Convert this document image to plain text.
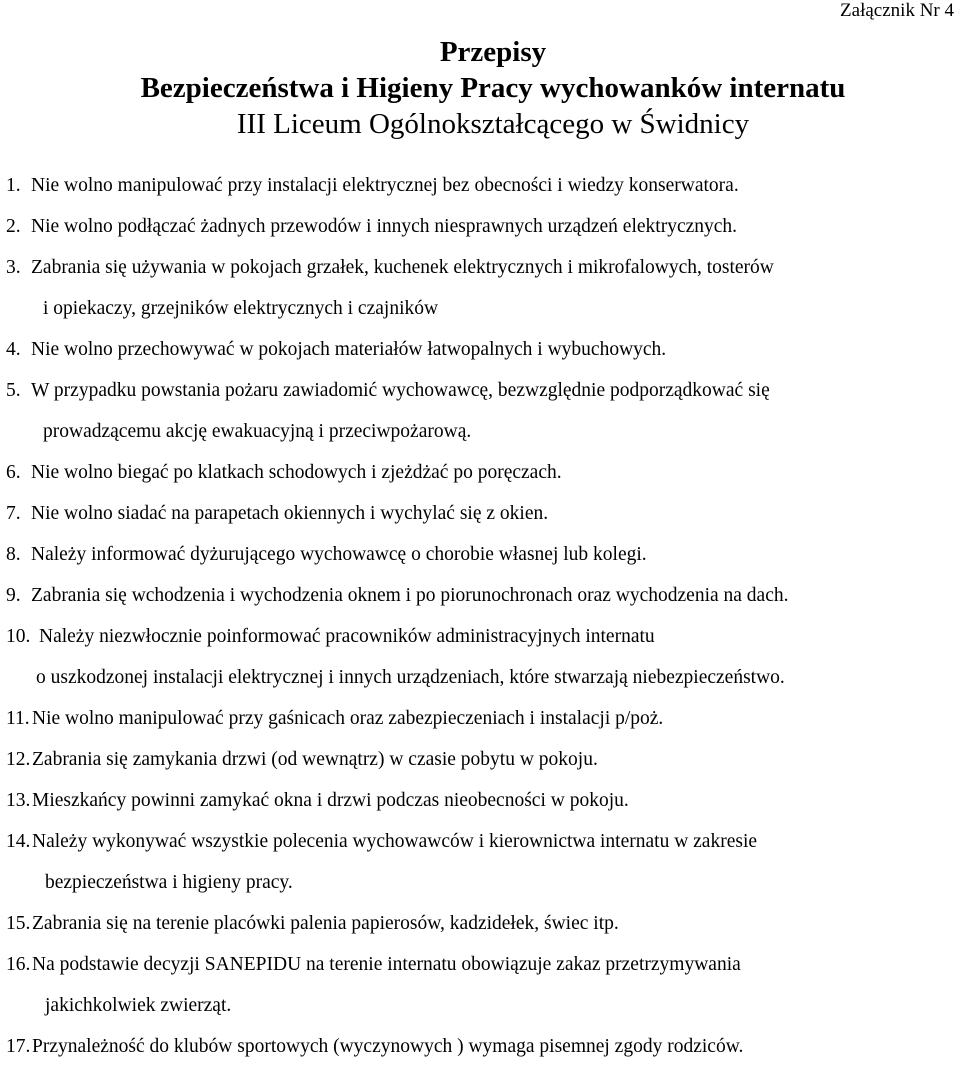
Załącznik Nr 4
Przepisy
Bezpieczeństwa i Higieny Pracy wychowanków internatu
III Liceum Ogólnokształcącego w Świdnicy
1. Nie wolno manipulować przy instalacji elektrycznej bez obecności i wiedzy konserwatora.
2. Nie wolno podłączać żadnych przewodów i innych niesprawnych urządzeń elektrycznych.
3. Zabrania się używania w pokojach grzałek, kuchenek elektrycznych i mikrofalowych, tosterów
i opiekaczy, grzejników elektrycznych i czajników
4. Nie wolno przechowywać w pokojach materiałów łatwopalnych i wybuchowych.
5. W przypadku powstania pożaru zawiadomić wychowawcę, bezwzględnie podporządkować się
prowadzącemu akcję ewakuacyjną i przeciwpożarową.
6. Nie wolno biegać po klatkach schodowych i zjeżdżać po poręczach.
7. Nie wolno siadać na parapetach okiennych i wychylać się z okien.
8. Należy informować dyżurującego wychowawcę o chorobie własnej lub kolegi.
9. Zabrania się wchodzenia i wychodzenia oknem i po piorunochronach oraz wychodzenia na dach.
10. Należy niezwłocznie poinformować pracowników administracyjnych internatu
o uszkodzonej instalacji elektrycznej i innych urządzeniach, które stwarzają niebezpieczeństwo.
11. Nie wolno manipulować przy gaśnicach oraz zabezpieczeniach i instalacji p/poż.
12. Zabrania się zamykania drzwi (od wewnątrz) w czasie pobytu w pokoju.
13. Mieszkańcy powinni zamykać okna i drzwi podczas nieobecności w pokoju.
14. Należy wykonywać wszystkie polecenia wychowawców i kierownictwa internatu w zakresie
bezpieczeństwa i higieny pracy.
15. Zabrania się na terenie placówki palenia papierosów, kadzidełek, świec itp.
16. Na podstawie decyzji SANEPIDU na terenie internatu obowiązuje zakaz przetrzymywania
jakichkolwiek zwierząt.
17. Przynależność do klubów sportowych (wyczynowych ) wymaga pisemnej zgody rodziców.
